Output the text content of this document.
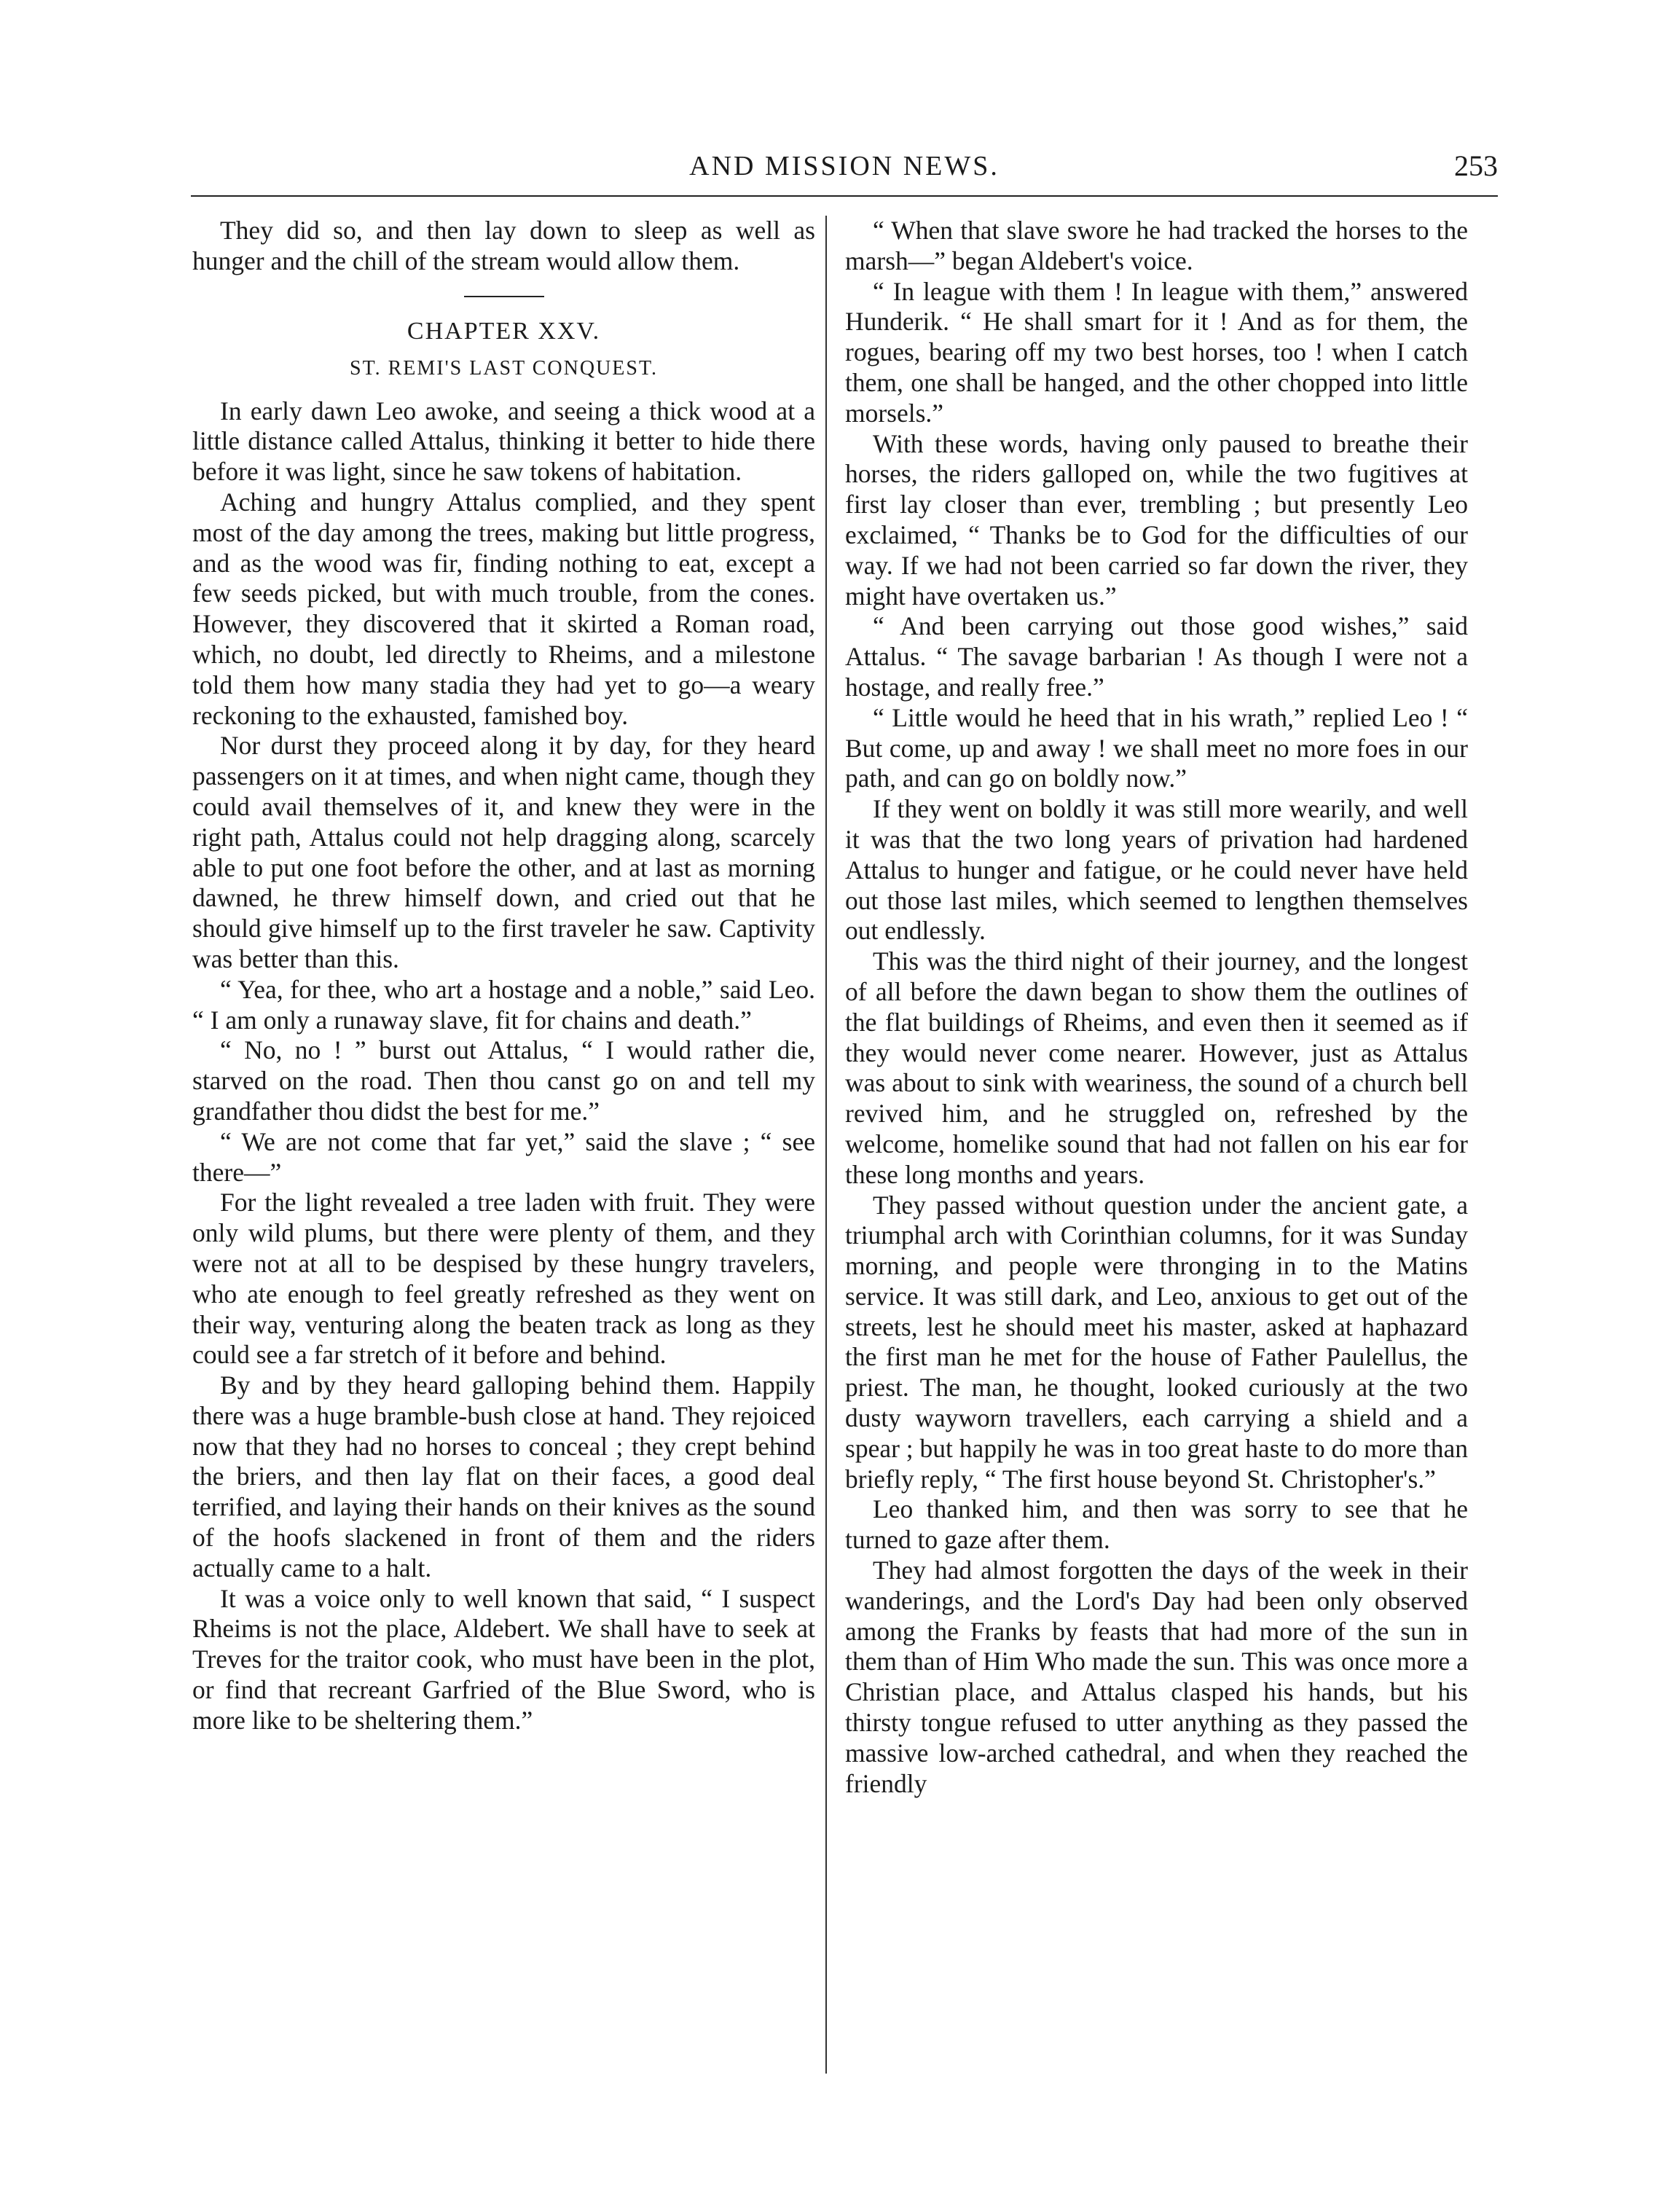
AND MISSION NEWS.	253

They did so, and then lay down to sleep as well as hunger and the chill of the stream would allow them.

CHAPTER XXV.
ST. REMI'S LAST CONQUEST.

In early dawn Leo awoke, and seeing a thick wood at a little distance called Attalus, thinking it better to hide there before it was light, since he saw tokens of habitation.

Aching and hungry Attalus complied, and they spent most of the day among the trees, making but little progress, and as the wood was fir, finding nothing to eat, except a few seeds picked, but with much trouble, from the cones. However, they discovered that it skirted a Roman road, which, no doubt, led directly to Rheims, and a milestone told them how many stadia they had yet to go—a weary reckoning to the exhausted, famished boy.

Nor durst they proceed along it by day, for they heard passengers on it at times, and when night came, though they could avail themselves of it, and knew they were in the right path, Attalus could not help dragging along, scarcely able to put one foot before the other, and at last as morning dawned, he threw himself down, and cried out that he should give himself up to the first traveler he saw. Captivity was better than this.

“ Yea, for thee, who art a hostage and a noble,” said Leo. “ I am only a runaway slave, fit for chains and death.”

“ No, no ! ” burst out Attalus, “ I would rather die, starved on the road. Then thou canst go on and tell my grandfather thou didst the best for me.”

“ We are not come that far yet,” said the slave ; “ see there—”

For the light revealed a tree laden with fruit. They were only wild plums, but there were plenty of them, and they were not at all to be despised by these hungry travelers, who ate enough to feel greatly refreshed as they went on their way, venturing along the beaten track as long as they could see a far stretch of it before and behind.

By and by they heard galloping behind them. Happily there was a huge bramble-bush close at hand. They rejoiced now that they had no horses to conceal ; they crept behind the briers, and then lay flat on their faces, a good deal terrified, and laying their hands on their knives as the sound of the hoofs slackened in front of them and the riders actually came to a halt.

It was a voice only to well known that said, “ I suspect Rheims is not the place, Aldebert. We shall have to seek at Treves for the traitor cook, who must have been in the plot, or find that recreant Garfried of the Blue Sword, who is more like to be sheltering them.”

“ When that slave swore he had tracked the horses to the marsh—” began Aldebert's voice.

“ In league with them ! In league with them,” answered Hunderik. “ He shall smart for it ! And as for them, the rogues, bearing off my two best horses, too ! when I catch them, one shall be hanged, and the other chopped into little morsels.”

With these words, having only paused to breathe their horses, the riders galloped on, while the two fugitives at first lay closer than ever, trembling ; but presently Leo exclaimed, “ Thanks be to God for the difficulties of our way. If we had not been carried so far down the river, they might have overtaken us.”

“ And been carrying out those good wishes,” said Attalus. “ The savage barbarian ! As though I were not a hostage, and really free.”

“ Little would he heed that in his wrath,” replied Leo ! “ But come, up and away ! we shall meet no more foes in our path, and can go on boldly now.”

If they went on boldly it was still more wearily, and well it was that the two long years of privation had hardened Attalus to hunger and fatigue, or he could never have held out those last miles, which seemed to lengthen themselves out endlessly.

This was the third night of their journey, and the longest of all before the dawn began to show them the outlines of the flat buildings of Rheims, and even then it seemed as if they would never come nearer. However, just as Attalus was about to sink with weariness, the sound of a church bell revived him, and he struggled on, refreshed by the welcome, homelike sound that had not fallen on his ear for these long months and years.

They passed without question under the ancient gate, a triumphal arch with Corinthian columns, for it was Sunday morning, and people were thronging in to the Matins service. It was still dark, and Leo, anxious to get out of the streets, lest he should meet his master, asked at haphazard the first man he met for the house of Father Paulellus, the priest. The man, he thought, looked curiously at the two dusty wayworn travellers, each carrying a shield and a spear ; but happily he was in too great haste to do more than briefly reply, “ The first house beyond St. Christopher's.”

Leo thanked him, and then was sorry to see that he turned to gaze after them.

They had almost forgotten the days of the week in their wanderings, and the Lord's Day had been only observed among the Franks by feasts that had more of the sun in them than of Him Who made the sun. This was once more a Christian place, and Attalus clasped his hands, but his thirsty tongue refused to utter anything as they passed the massive low-arched cathedral, and when they reached the friendly
